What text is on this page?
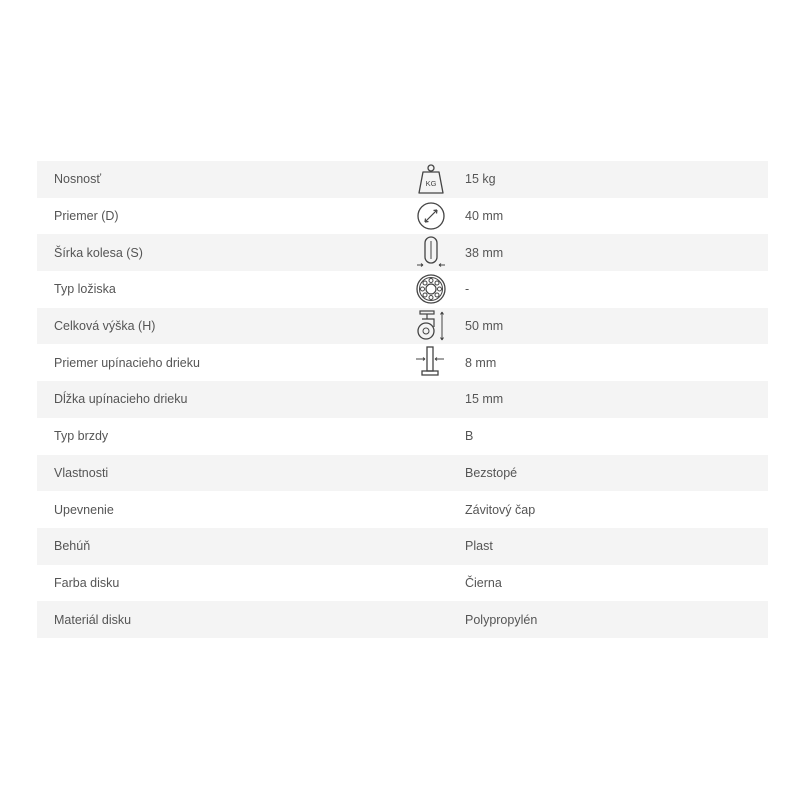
Nosnosť	KG 15 kg
Priemer (D)	40 mm
Šírka kolesa (S)	38 mm
Typ ložiska	-
Celková výška (H)	50 mm
Priemer upínacieho drieku	8 mm
Dĺžka upínacieho drieku	15 mm
Typ brzdy	B
Vlastnosti	Bezstopé
Upevnenie	Závitový čap
Behúň	Plast
Farba disku	Čierna
Materiál disku	Polypropylén
